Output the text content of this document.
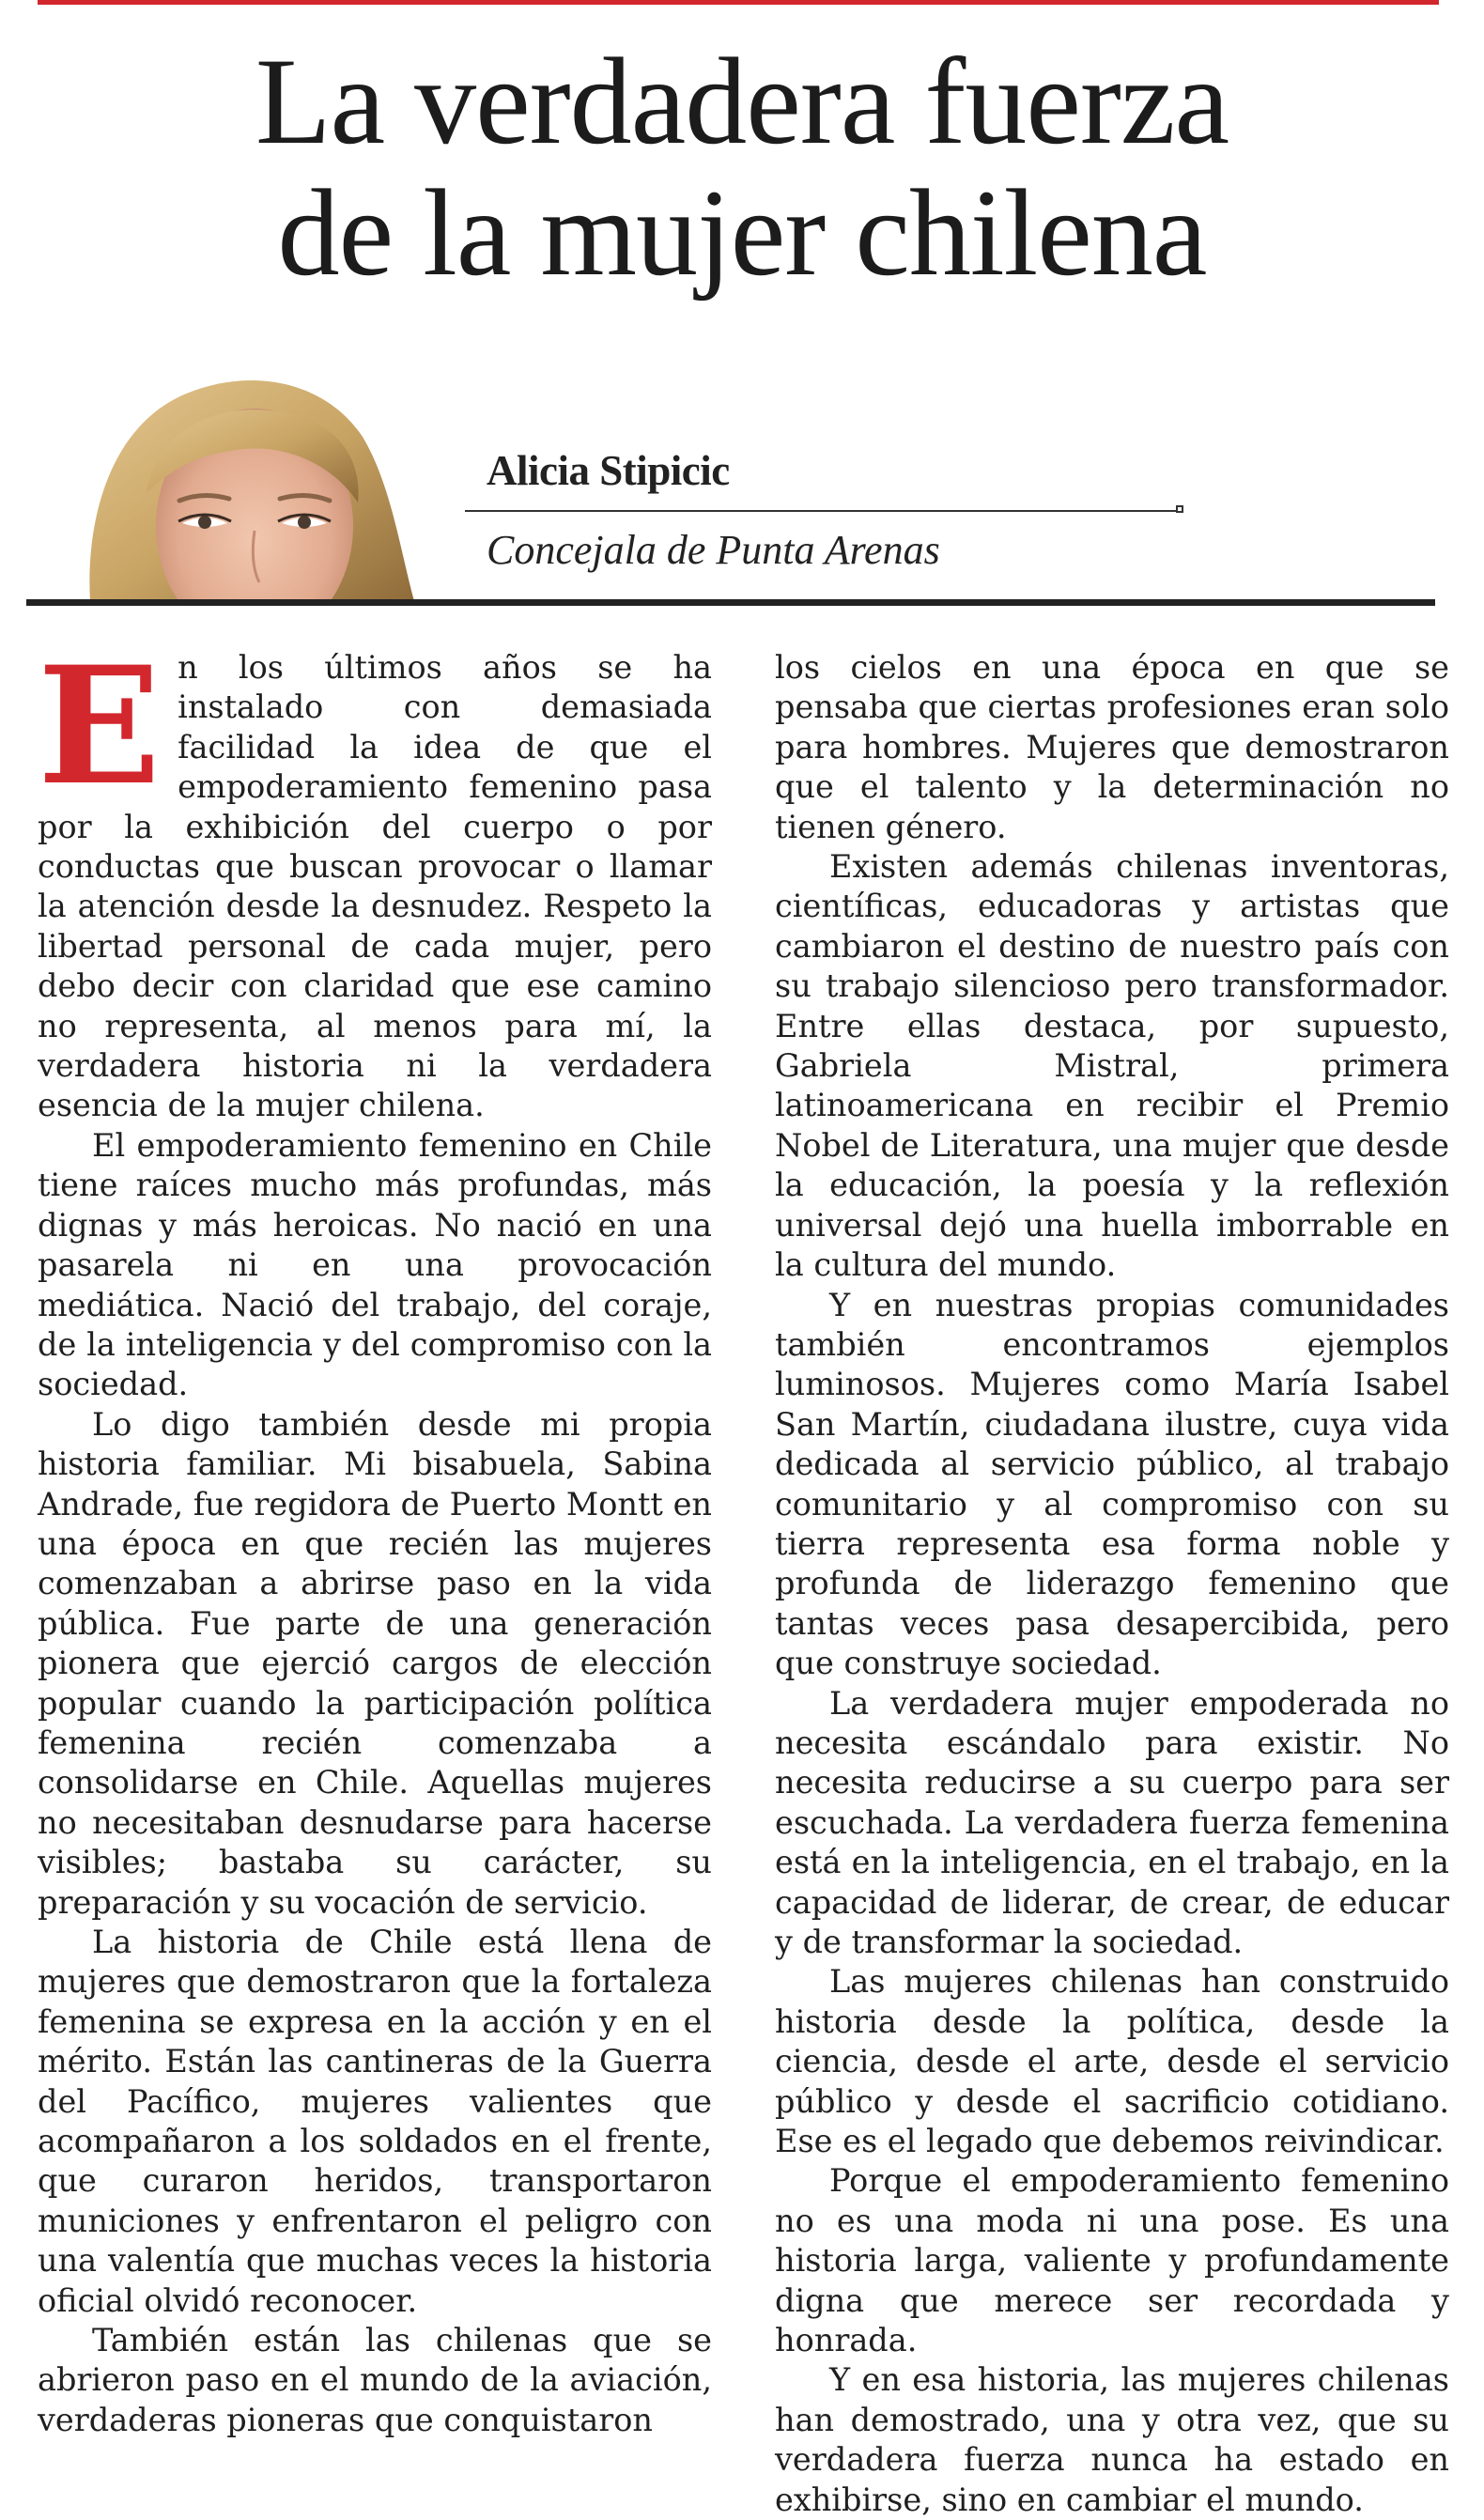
La verdadera fuerza
de la mujer chilena
Alicia Stipicic
Concejala de Punta Arenas

En los últimos años se ha instalado con demasiada facilidad la idea de que el empoderamiento femenino pasa por la exhibición del cuerpo o por conductas que buscan provocar o llamar la atención desde la desnudez. Respeto la libertad personal de cada mujer, pero debo decir con claridad que ese camino no representa, al menos para mí, la verdadera historia ni la verdadera esencia de la mujer chilena.

El empoderamiento femenino en Chile tiene raíces mucho más profundas, más dignas y más heroicas. No nació en una pasarela ni en una provocación mediática. Nació del trabajo, del coraje, de la inteligencia y del compromiso con la sociedad.

Lo digo también desde mi propia historia familiar. Mi bisabuela, Sabina Andrade, fue regidora de Puerto Montt en una época en que recién las mujeres comenzaban a abrirse paso en la vida pública. Fue parte de una generación pionera que ejerció cargos de elección popular cuando la participación política femenina recién comenzaba a consolidarse en Chile. Aquellas mujeres no necesitaban desnudarse para hacerse visibles; bastaba su carácter, su preparación y su vocación de servicio.

La historia de Chile está llena de mujeres que demostraron que la fortaleza femenina se expresa en la acción y en el mérito. Están las cantineras de la Guerra del Pacífico, mujeres valientes que acompañaron a los soldados en el frente, que curaron heridos, transportaron municiones y enfrentaron el peligro con una valentía que muchas veces la historia oficial olvidó reconocer.

También están las chilenas que se abrieron paso en el mundo de la aviación, verdaderas pioneras que conquistaron

los cielos en una época en que se pensaba que ciertas profesiones eran solo para hombres. Mujeres que demostraron que el talento y la determinación no tienen género.

Existen además chilenas inventoras, científicas, educadoras y artistas que cambiaron el destino de nuestro país con su trabajo silencioso pero transformador. Entre ellas destaca, por supuesto, Gabriela Mistral, primera latinoamericana en recibir el Premio Nobel de Literatura, una mujer que desde la educación, la poesía y la reflexión universal dejó una huella imborrable en la cultura del mundo.

Y en nuestras propias comunidades también encontramos ejemplos luminosos. Mujeres como María Isabel San Martín, ciudadana ilustre, cuya vida dedicada al servicio público, al trabajo comunitario y al compromiso con su tierra representa esa forma noble y profunda de liderazgo femenino que tantas veces pasa desapercibida, pero que construye sociedad.

La verdadera mujer empoderada no necesita escándalo para existir. No necesita reducirse a su cuerpo para ser escuchada. La verdadera fuerza femenina está en la inteligencia, en el trabajo, en la capacidad de liderar, de crear, de educar y de transformar la sociedad.

Las mujeres chilenas han construido historia desde la política, desde la ciencia, desde el arte, desde el servicio público y desde el sacrificio cotidiano. Ese es el legado que debemos reivindicar.

Porque el empoderamiento femenino no es una moda ni una pose. Es una historia larga, valiente y profundamente digna que merece ser recordada y honrada.

Y en esa historia, las mujeres chilenas han demostrado, una y otra vez, que su verdadera fuerza nunca ha estado en exhibirse, sino en cambiar el mundo.
